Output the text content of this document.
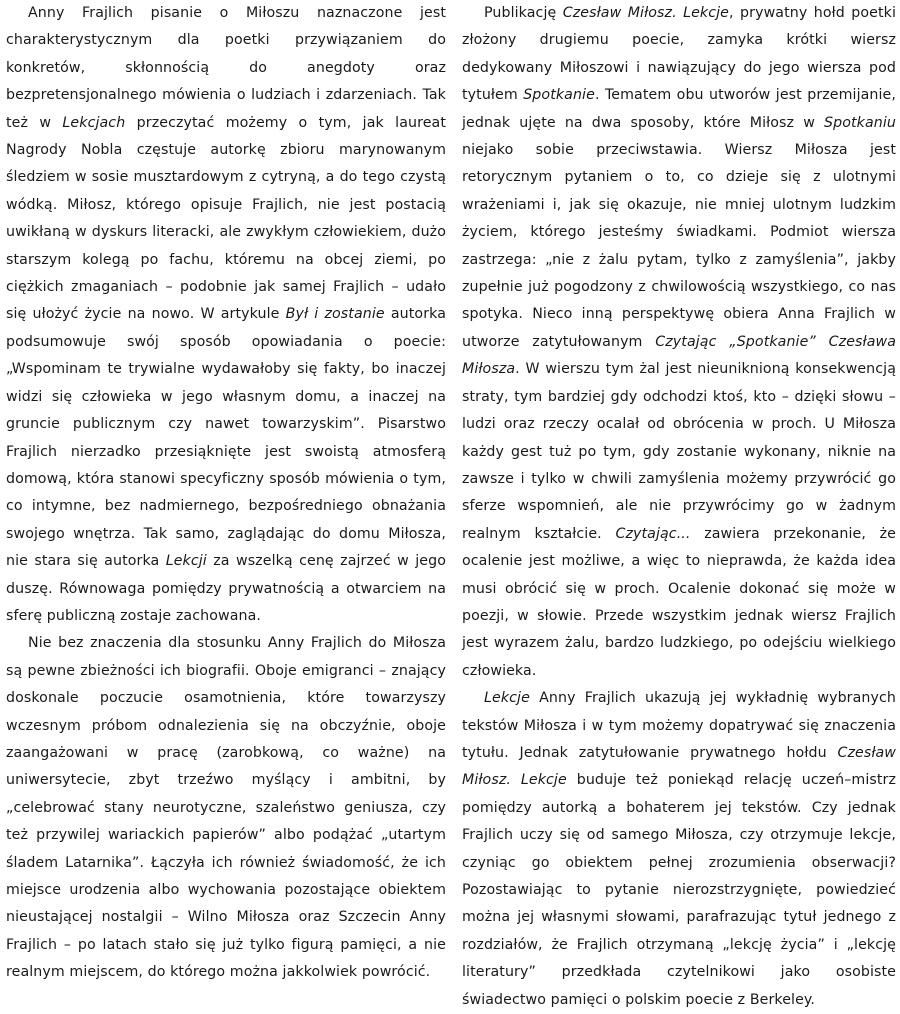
Anny Frajlich pisanie o Miłoszu naznaczone jest charakterystycznym dla poetki przywiązaniem do konkretów, skłonnością do anegdoty oraz bezpretensjonalnego mówienia o ludziach i zdarzeniach. Tak też w Lekcjach przeczytać możemy o tym, jak laureat Nagrody Nobla częstuje autorkę zbioru marynowanym śledziem w sosie musztardowym z cytryną, a do tego czystą wódką. Miłosz, którego opisuje Frajlich, nie jest postacią uwikłaną w dyskurs literacki, ale zwykłym człowiekiem, dużo starszym kolegą po fachu, któremu na obcej ziemi, po ciężkich zmaganiach – podobnie jak samej Frajlich – udało się ułożyć życie na nowo. W artykule Był i zostanie autorka podsumowuje swój sposób opowiadania o poecie: „Wspominam te trywialne wydawałoby się fakty, bo inaczej widzi się człowieka w jego własnym domu, a inaczej na gruncie publicznym czy nawet towarzyskim”. Pisarstwo Frajlich nierzadko przesiąknięte jest swoistą atmosferą domową, która stanowi specyficzny sposób mówienia o tym, co intymne, bez nadmiernego, bezpośredniego obnażania swojego wnętrza. Tak samo, zaglądając do domu Miłosza, nie stara się autorka Lekcji za wszelką cenę zajrzeć w jego duszę. Równowaga pomiędzy prywatnością a otwarciem na sferę publiczną zostaje zachowana.

Nie bez znaczenia dla stosunku Anny Frajlich do Miłosza są pewne zbieżności ich biografii. Oboje emigranci – znający doskonale poczucie osamotnienia, które towarzyszy wczesnym próbom odnalezienia się na obczyźnie, oboje zaangażowani w pracę (zarobkową, co ważne) na uniwersytecie, zbyt trzeźwo myślący i ambitni, by „celebrować stany neurotyczne, szaleństwo geniusza, czy też przywilej wariackich papierów” albo podążać „utartym śladem Latarnika”. Łączyła ich również świadomość, że ich miejsce urodzenia albo wychowania pozostające obiektem nieustającej nostalgii – Wilno Miłosza oraz Szczecin Anny Frajlich – po latach stało się już tylko figurą pamięci, a nie realnym miejscem, do którego można jakkolwiek powrócić.

Publikację Czesław Miłosz. Lekcje, prywatny hołd poetki złożony drugiemu poecie, zamyka krótki wiersz dedykowany Miłoszowi i nawiązujący do jego wiersza pod tytułem Spotkanie. Tematem obu utworów jest przemijanie, jednak ujęte na dwa sposoby, które Miłosz w Spotkaniu niejako sobie przeciwstawia. Wiersz Miłosza jest retorycznym pytaniem o to, co dzieje się z ulotnymi wrażeniami i, jak się okazuje, nie mniej ulotnym ludzkim życiem, którego jesteśmy świadkami. Podmiot wiersza zastrzega: „nie z żalu pytam, tylko z zamyślenia”, jakby zupełnie już pogodzony z chwilowością wszystkiego, co nas spotyka. Nieco inną perspektywę obiera Anna Frajlich w utworze zatytułowanym Czytając „Spotkanie” Czesława Miłosza. W wierszu tym żal jest nieuniknioną konsekwencją straty, tym bardziej gdy odchodzi ktoś, kto – dzięki słowu – ludzi oraz rzeczy ocalał od obrócenia w proch. U Miłosza każdy gest tuż po tym, gdy zostanie wykonany, niknie na zawsze i tylko w chwili zamyślenia możemy przywrócić go sferze wspomnień, ale nie przywrócimy go w żadnym realnym kształcie. Czytając... zawiera przekonanie, że ocalenie jest możliwe, a więc to nieprawda, że każda idea musi obrócić się w proch. Ocalenie dokonać się może w poezji, w słowie. Przede wszystkim jednak wiersz Frajlich jest wyrazem żalu, bardzo ludzkiego, po odejściu wielkiego człowieka.

Lekcje Anny Frajlich ukazują jej wykładnię wybranych tekstów Miłosza i w tym możemy dopatrywać się znaczenia tytułu. Jednak zatytułowanie prywatnego hołdu Czesław Miłosz. Lekcje buduje też poniekąd relację uczeń–mistrz pomiędzy autorką a bohaterem jej tekstów. Czy jednak Frajlich uczy się od samego Miłosza, czy otrzymuje lekcje, czyniąc go obiektem pełnej zrozumienia obserwacji? Pozostawiając to pytanie nierozstrzygnięte, powiedzieć można jej własnymi słowami, parafrazując tytuł jednego z rozdziałów, że Frajlich otrzymaną „lekcję życia” i „lekcję literatury” przedkłada czytelnikowi jako osobiste świadectwo pamięci o polskim poecie z Berkeley.
